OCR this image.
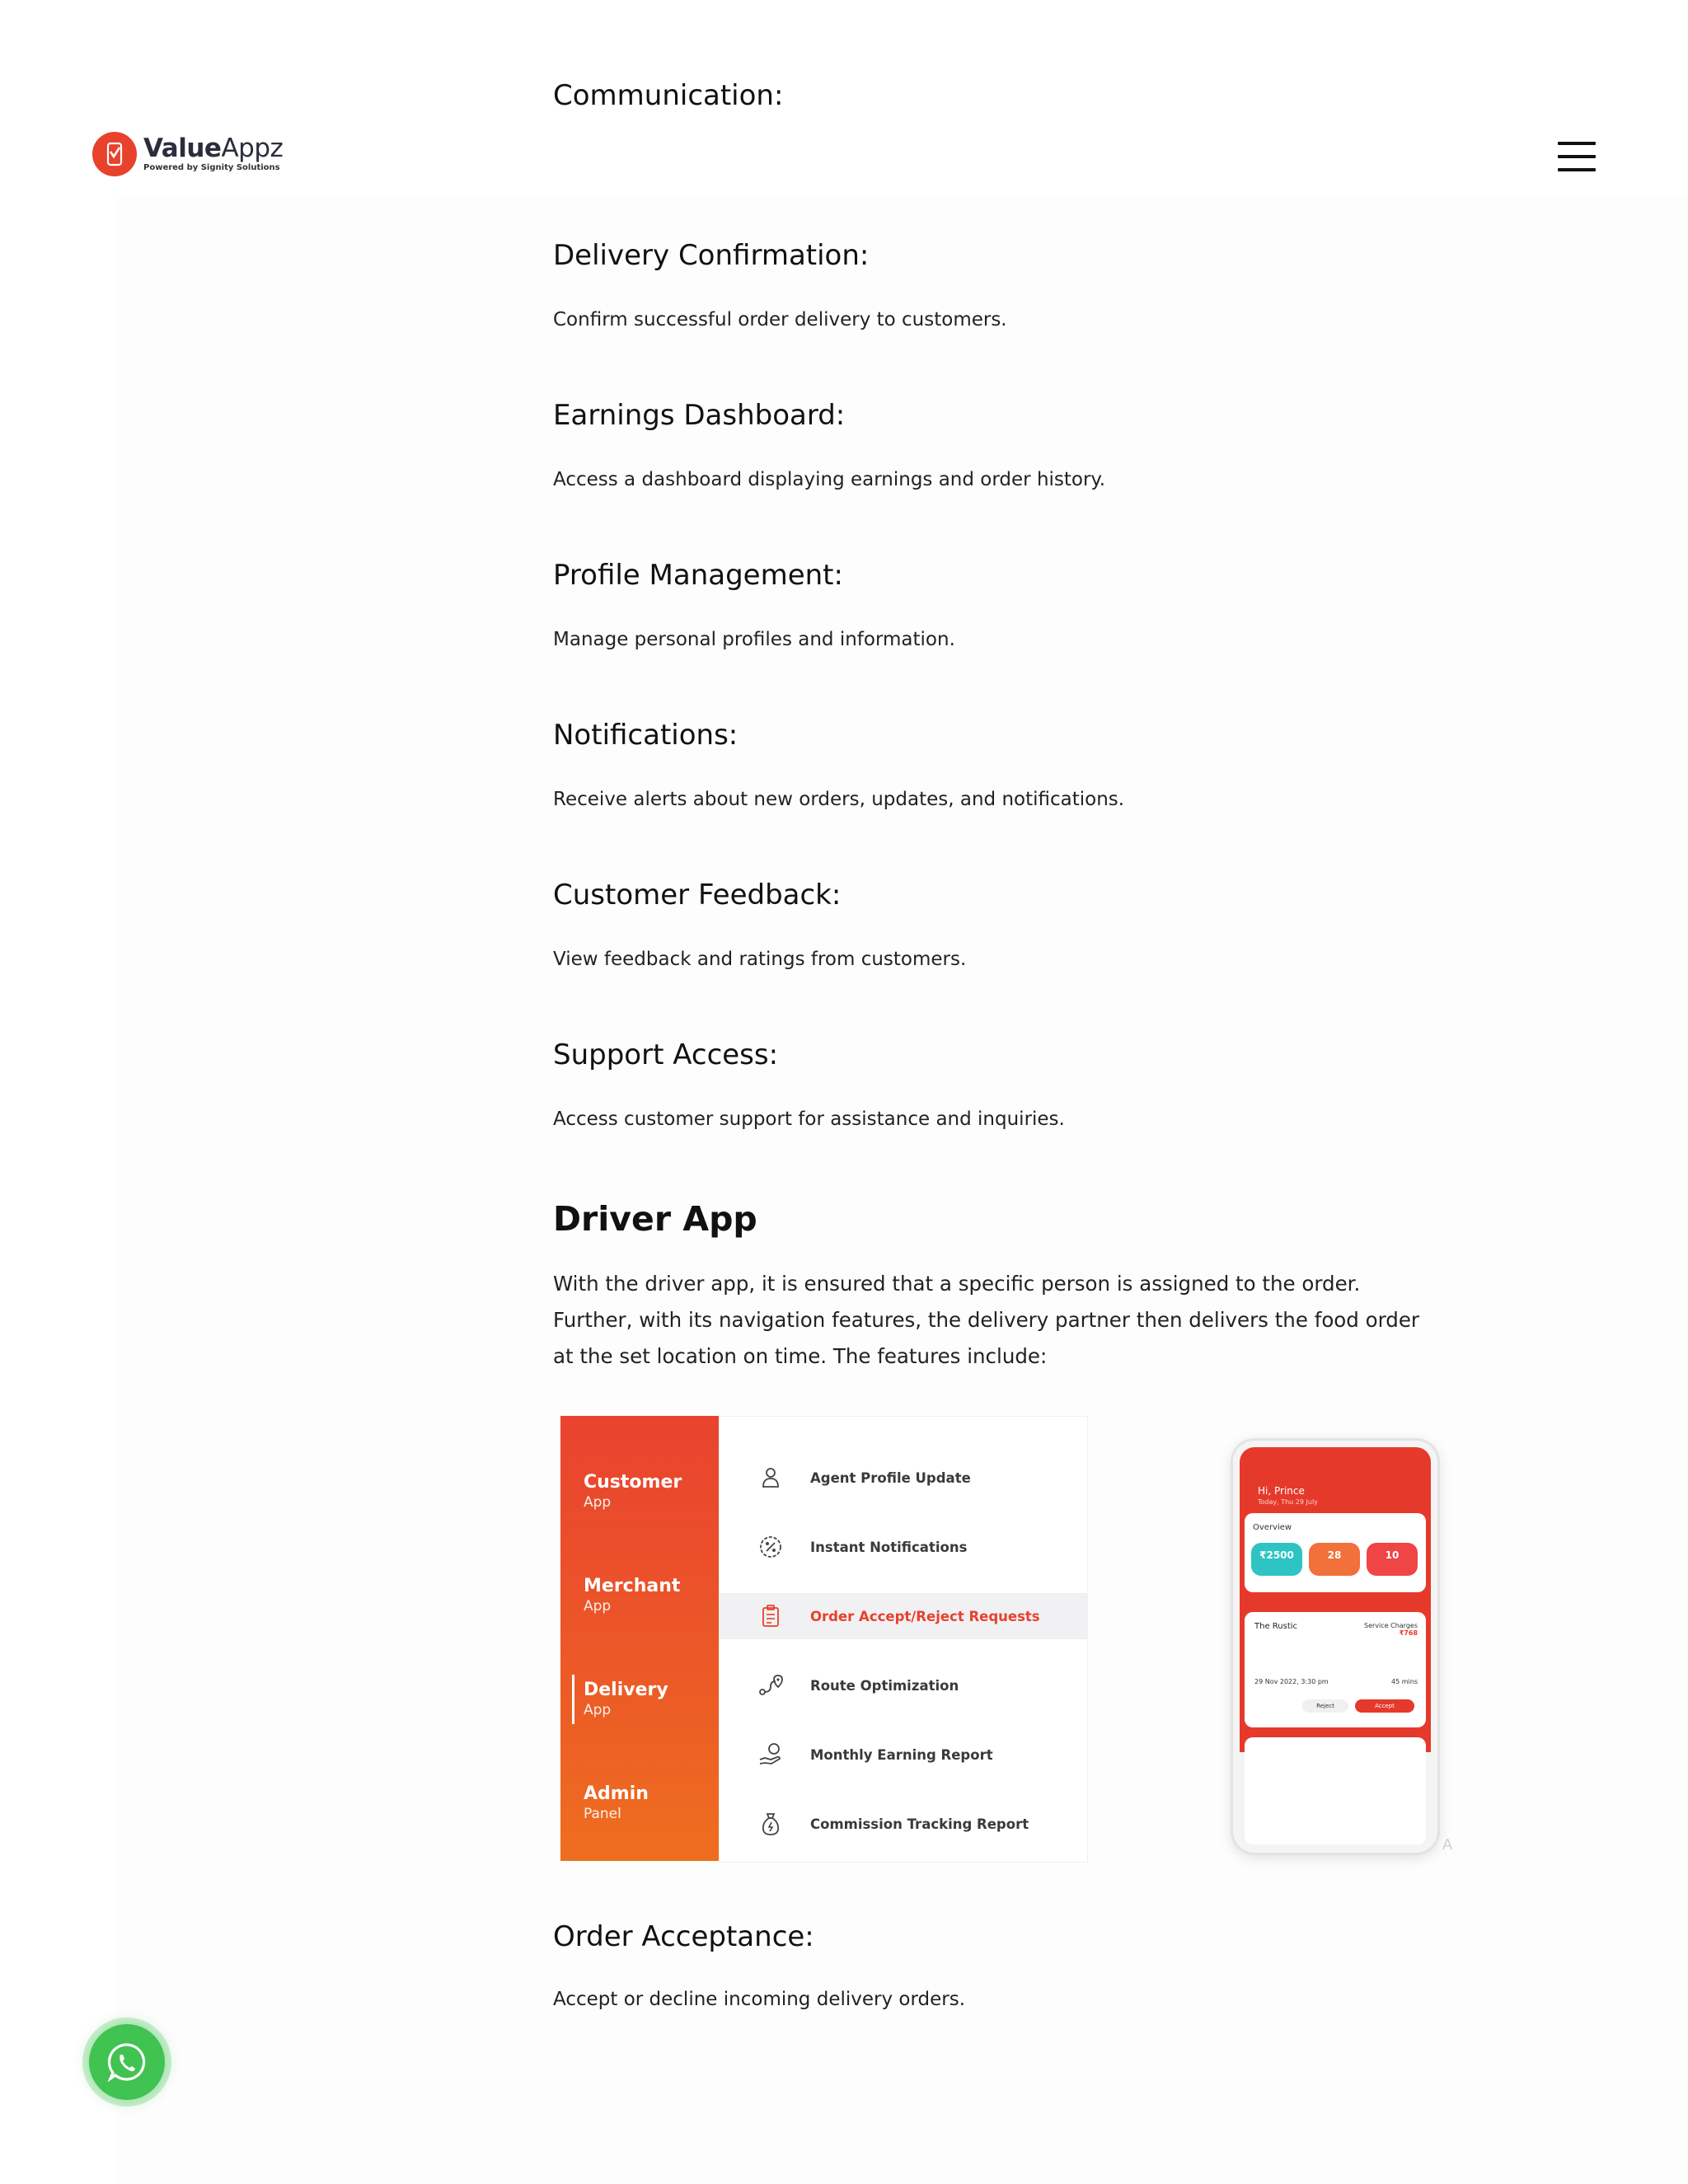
ValueAppz
Powered by Signity Solutions
Communication:
Delivery Confirmation:
Confirm successful order delivery to customers.
Earnings Dashboard:
Access a dashboard displaying earnings and order history.
Profile Management:
Manage personal profiles and information.
Notifications:
Receive alerts about new orders, updates, and notifications.
Customer Feedback:
View feedback and ratings from customers.
Support Access:
Access customer support for assistance and inquiries.
Driver App
With the driver app, it is ensured that a specific person is assigned to the order. Further, with its navigation features, the delivery partner then delivers the food order at the set location on time. The features include:
Order Acceptance:
Accept or decline incoming delivery orders.
Customer
App
Merchant
App
Delivery
App
Admin
Panel
Agent Profile Update
Instant Notifications
Order Accept/Reject Requests
Route Optimization
Monthly Earning Report
Commission Tracking Report
Hi, Prince
Today, Thu 29 July
Overview
₹2500	28	10
The Rustic	Service Charges
₹768
29 Nov 2022, 3:30 pm	45 mins
Reject	Accept
A
